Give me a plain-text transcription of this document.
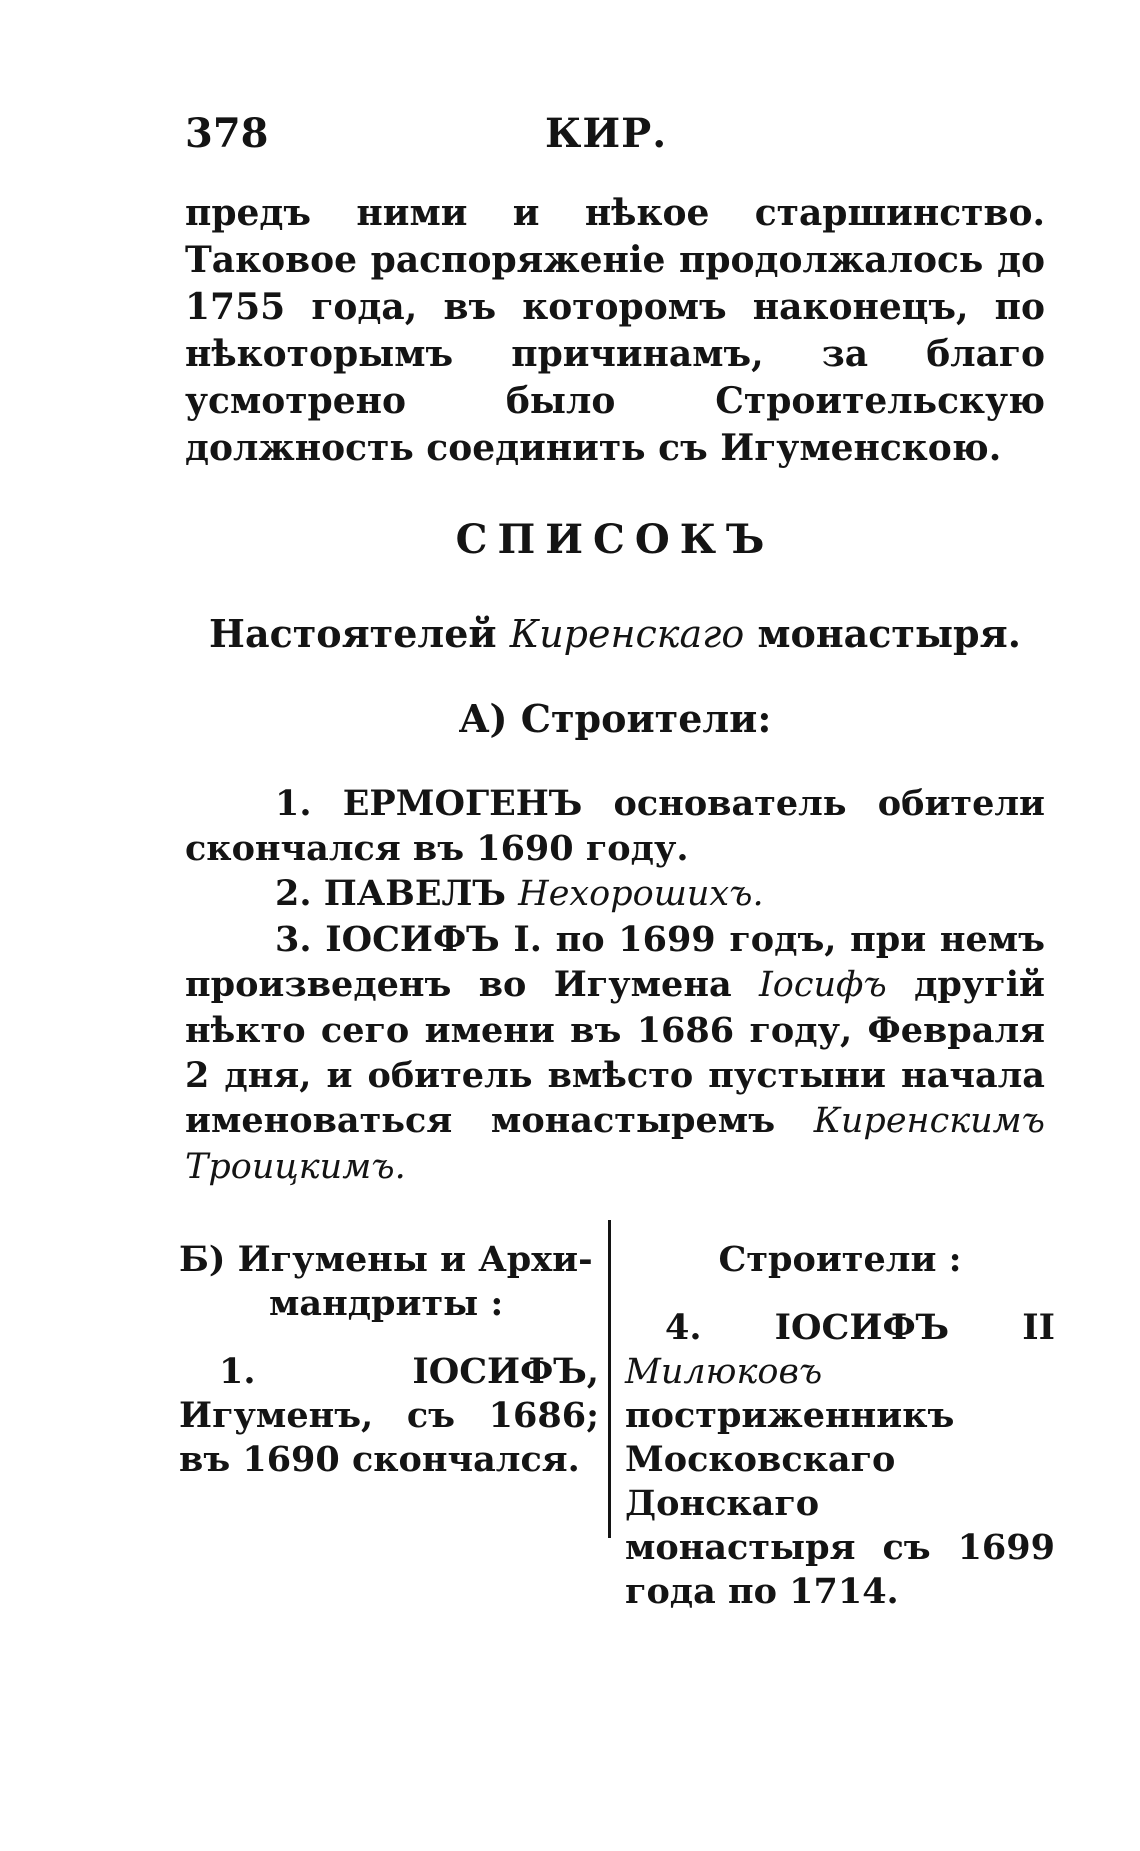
378	КИР.

предъ ними и нѣкое старшинство. Таковое распоряженіе продолжалось до 1755 года, въ которомъ наконецъ, по нѣкоторымъ причинамъ, за благо усмотрено было Строительскую должность соединить съ Игуменскою.

СПИСОКЪ
Настоятелей Киренскаго монастыря.
А) Строители:

1. ЕРМОГЕНЪ основатель обители скончался въ 1690 году.

2. ПАВЕЛЪ Нехорошихъ.

3. ІОСИФЪ І. по 1699 годъ, при немъ произведенъ во Игумена Іосифъ другій нѣкто сего имени въ 1686 году, Февраля 2 дня, и обитель вмѣсто пустыни начала именоваться монастыремъ Киренскимъ Троицкимъ.

Б) Игумены и Архи-
мандриты :

1. ІОСИФЪ, Игуменъ, съ 1686; въ 1690 скончался.

Строители :

4. ІОСИФЪ II Милюковъ постриженникъ Московскаго Донскаго монастыря съ 1699 года по 1714.
